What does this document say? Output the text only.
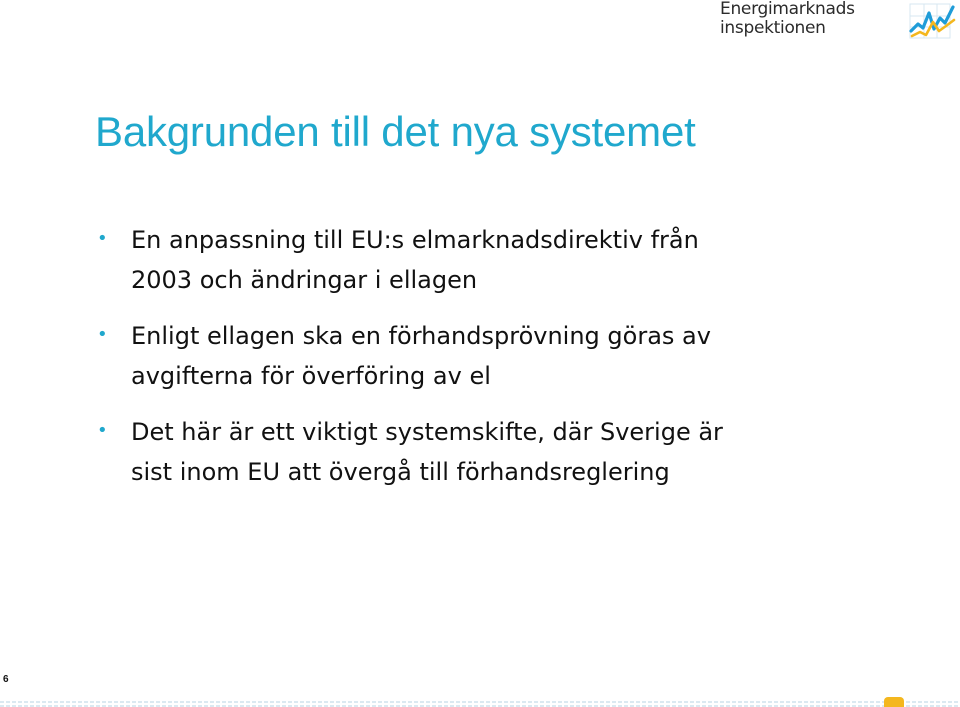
Energimarknads
inspektionen
Bakgrunden till det nya systemet
• En anpassning till EU:s elmarknadsdirektiv från
2003 och ändringar i ellagen
• Enligt ellagen ska en förhandsprövning göras av
avgifterna för överföring av el
• Det här är ett viktigt systemskifte, där Sverige är
sist inom EU att övergå till förhandsreglering
6
